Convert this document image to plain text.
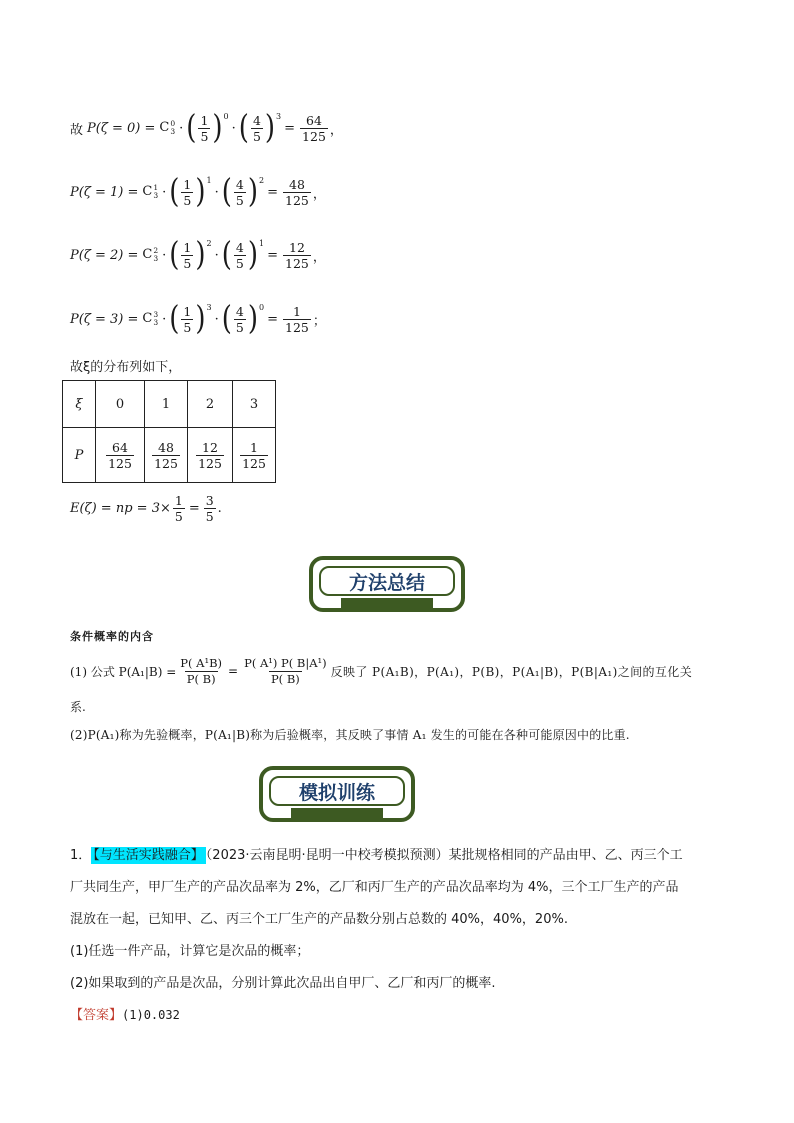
故 P(ζ = 0) = C 0
3 · ( $\frac{1}{5}$ ) 0
· ( $\frac{4}{5}$ ) 3
= $\frac{64}{125}$ ，
P(ζ = 1) = C 1
3 · ( $\frac{1}{5}$ ) 1
· ( $\frac{4}{5}$ ) 2
= $\frac{48}{125}$ ，
P(ζ = 2) = C 2
3 · ( $\frac{1}{5}$ ) 2
· ( $\frac{4}{5}$ ) 1
= $\frac{12}{125}$ ，
P(ζ = 3) = C 3
3 · ( $\frac{1}{5}$ ) 3
· ( $\frac{4}{5}$ ) 0
= $\frac{1}{125}$ ；
故ξ的分布列如下，
ξ	0	1	2	3
P	$\frac{64}{125}$	$\frac{48}{125}$	$\frac{12}{125}$	$\frac{1}{125}$
E(ζ) = np = $3\times \frac{1}{5} = \frac{3}{5}$ .
方法总结
条件概率的内含
(1) 公式 $P(A_1|B) = \frac{\text{P( A¹B)}}{P( B)} = \frac{\text{P( A¹) P( B|A¹)}}{P( B)}$ 反映了 P(A₁B)，P(A₁)，P(B)，P(A₁|B)，P(B|A₁)之间的互化关
系.
(2)P(A₁)称为先验概率，P(A₁|B)称为后验概率，其反映了事情 A₁ 发生的可能在各种可能原因中的比重.
模拟训练
1． 【与生活实践融合】 （2023·云南昆明·昆明一中校考模拟预测）某批规格相同的产品由甲、乙、丙三个工
厂共同生产，甲厂生产的产品次品率为 2%，乙厂和丙厂生产的产品次品率均为 4%，三个工厂生产的产品
混放在一起，已知甲、乙、丙三个工厂生产的产品数分别占总数的 40%，40%，20%.
(1)任选一件产品，计算它是次品的概率；
(2)如果取到的产品是次品，分别计算此次品出自甲厂、乙厂和丙厂的概率.
【答案】(1)0.032
